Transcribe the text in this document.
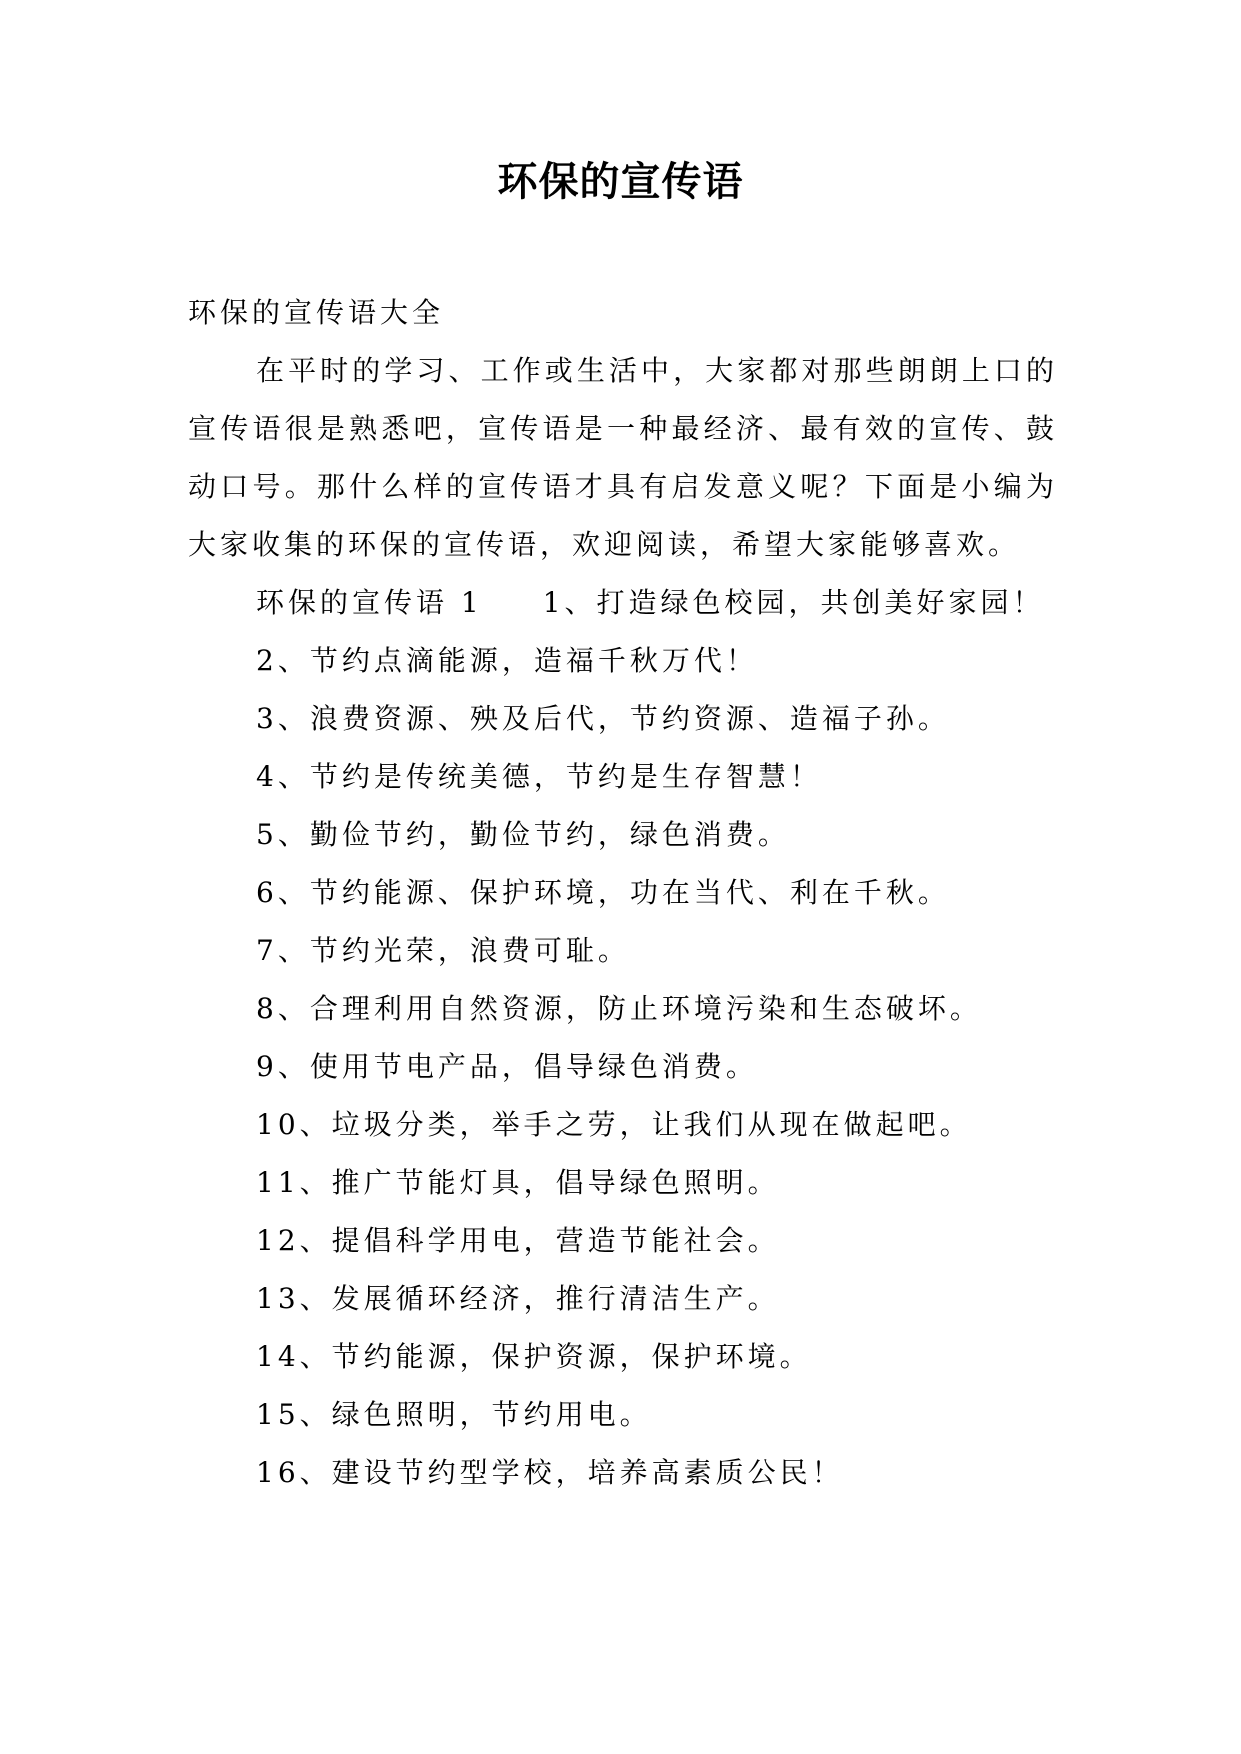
环保的宣传语

环保的宣传语大全

在平时的学习、工作或生活中，大家都对那些朗朗上口的宣传语很是熟悉吧，宣传语是一种最经济、最有效的宣传、鼓动口号。那什么样的宣传语才具有启发意义呢？下面是小编为大家收集的环保的宣传语，欢迎阅读，希望大家能够喜欢。

环保的宣传语 1 1、打造绿色校园，共创美好家园！

2、节约点滴能源，造福千秋万代！

3、浪费资源、殃及后代，节约资源、造福子孙。

4、节约是传统美德，节约是生存智慧！

5、勤俭节约，勤俭节约，绿色消费。

6、节约能源、保护环境，功在当代、利在千秋。

7、节约光荣，浪费可耻。

8、合理利用自然资源，防止环境污染和生态破坏。

9、使用节电产品，倡导绿色消费。

10、垃圾分类，举手之劳，让我们从现在做起吧。

11、推广节能灯具，倡导绿色照明。

12、提倡科学用电，营造节能社会。

13、发展循环经济，推行清洁生产。

14、节约能源，保护资源，保护环境。

15、绿色照明，节约用电。

16、建设节约型学校，培养高素质公民！
